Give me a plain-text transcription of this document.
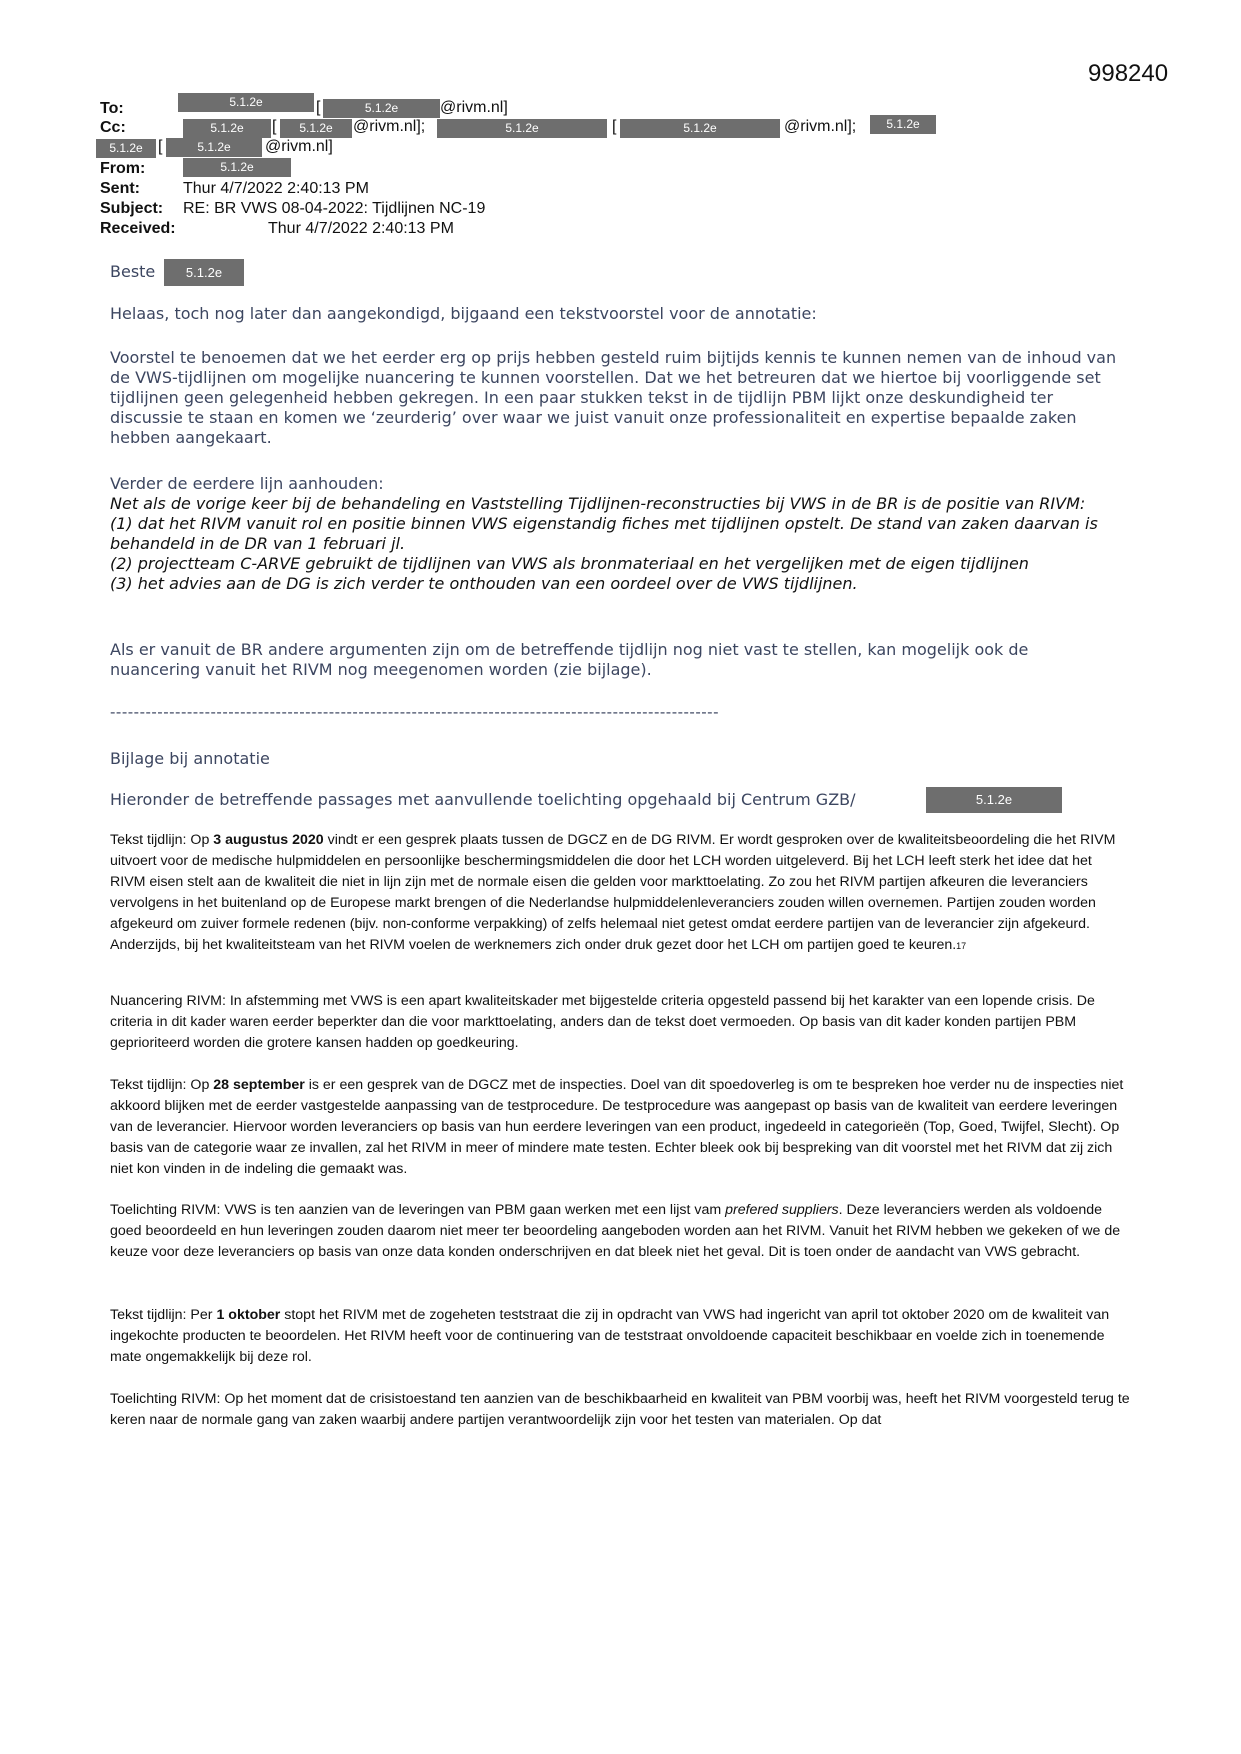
998240
To:	5.1.2e	[	5.1.2e	@rivm.nl]
Cc:	5.1.2e	[	5.1.2e	@rivm.nl];	5.1.2e	[	5.1.2e	@rivm.nl];	5.1.2e
5.1.2e [	5.1.2e	@rivm.nl]
From:	5.1.2e
Sent:	Thur 4/7/2022 2:40:13 PM
Subject: RE: BR VWS 08-04-2022: Tijdlijnen NC-19
Received:	Thur 4/7/2022 2:40:13 PM
Beste	5.1.2e

Helaas, toch nog later dan aangekondigd, bijgaand een tekstvoorstel voor de annotatie:

Voorstel te benoemen dat we het eerder erg op prijs hebben gesteld ruim bijtijds kennis te kunnen nemen van de inhoud van de VWS-tijdlijnen om mogelijke nuancering te kunnen voorstellen. Dat we het betreuren dat we hiertoe bij voorliggende set tijdlijnen geen gelegenheid hebben gekregen. In een paar stukken tekst in de tijdlijn PBM lijkt onze deskundigheid ter discussie te staan en komen we ‘zeurderig’ over waar we juist vanuit onze professionaliteit en expertise bepaalde zaken hebben aangekaart.

Verder de eerdere lijn aanhouden:

Net als de vorige keer bij de behandeling en Vaststelling Tijdlijnen-reconstructies bij VWS in de BR is de positie van RIVM:

(1) dat het RIVM vanuit rol en positie binnen VWS eigenstandig fiches met tijdlijnen opstelt. De stand van zaken daarvan is behandeld in de DR van 1 februari jl.

(2) projectteam C-ARVE gebruikt de tijdlijnen van VWS als bronmateriaal en het vergelijken met de eigen tijdlijnen

(3) het advies aan de DG is zich verder te onthouden van een oordeel over de VWS tijdlijnen.

Als er vanuit de BR andere argumenten zijn om de betreffende tijdlijn nog niet vast te stellen, kan mogelijk ook de nuancering vanuit het RIVM nog meegenomen worden (zie bijlage).

-------------------------------------------------------------------------------------------------------
Bijlage bij annotatie
Hieronder de betreffende passages met aanvullende toelichting opgehaald bij Centrum GZB/	5.1.2e

Tekst tijdlijn: Op 3 augustus 2020 vindt er een gesprek plaats tussen de DGCZ en de DG RIVM. Er wordt gesproken over de kwaliteitsbeoordeling die het RIVM uitvoert voor de medische hulpmiddelen en persoonlijke beschermingsmiddelen die door het LCH worden uitgeleverd. Bij het LCH leeft sterk het idee dat het RIVM eisen stelt aan de kwaliteit die niet in lijn zijn met de normale eisen die gelden voor markttoelating. Zo zou het RIVM partijen afkeuren die leveranciers vervolgens in het buitenland op de Europese markt brengen of die Nederlandse hulpmiddelenleveranciers zouden willen overnemen. Partijen zouden worden afgekeurd om zuiver formele redenen (bijv. non-conforme verpakking) of zelfs helemaal niet getest omdat eerdere partijen van de leverancier zijn afgekeurd. Anderzijds, bij het kwaliteitsteam van het RIVM voelen de werknemers zich onder druk gezet door het LCH om partijen goed te keuren.17

Nuancering RIVM: In afstemming met VWS is een apart kwaliteitskader met bijgestelde criteria opgesteld passend bij het karakter van een lopende crisis. De criteria in dit kader waren eerder beperkter dan die voor markttoelating, anders dan de tekst doet vermoeden. Op basis van dit kader konden partijen PBM geprioriteerd worden die grotere kansen hadden op goedkeuring.

Tekst tijdlijn: Op 28 september is er een gesprek van de DGCZ met de inspecties. Doel van dit spoedoverleg is om te bespreken hoe verder nu de inspecties niet akkoord blijken met de eerder vastgestelde aanpassing van de testprocedure. De testprocedure was aangepast op basis van de kwaliteit van eerdere leveringen van de leverancier. Hiervoor worden leveranciers op basis van hun eerdere leveringen van een product, ingedeeld in categorieën (Top, Goed, Twijfel, Slecht). Op basis van de categorie waar ze invallen, zal het RIVM in meer of mindere mate testen. Echter bleek ook bij bespreking van dit voorstel met het RIVM dat zij zich niet kon vinden in de indeling die gemaakt was.

Toelichting RIVM: VWS is ten aanzien van de leveringen van PBM gaan werken met een lijst vam prefered suppliers. Deze leveranciers werden als voldoende goed beoordeeld en hun leveringen zouden daarom niet meer ter beoordeling aangeboden worden aan het RIVM. Vanuit het RIVM hebben we gekeken of we de keuze voor deze leveranciers op basis van onze data konden onderschrijven en dat bleek niet het geval. Dit is toen onder de aandacht van VWS gebracht.

Tekst tijdlijn: Per 1 oktober stopt het RIVM met de zogeheten teststraat die zij in opdracht van VWS had ingericht van april tot oktober 2020 om de kwaliteit van ingekochte producten te beoordelen. Het RIVM heeft voor de continuering van de teststraat onvoldoende capaciteit beschikbaar en voelde zich in toenemende mate ongemakkelijk bij deze rol.

Toelichting RIVM: Op het moment dat de crisistoestand ten aanzien van de beschikbaarheid en kwaliteit van PBM voorbij was, heeft het RIVM voorgesteld terug te keren naar de normale gang van zaken waarbij andere partijen verantwoordelijk zijn voor het testen van materialen. Op dat
